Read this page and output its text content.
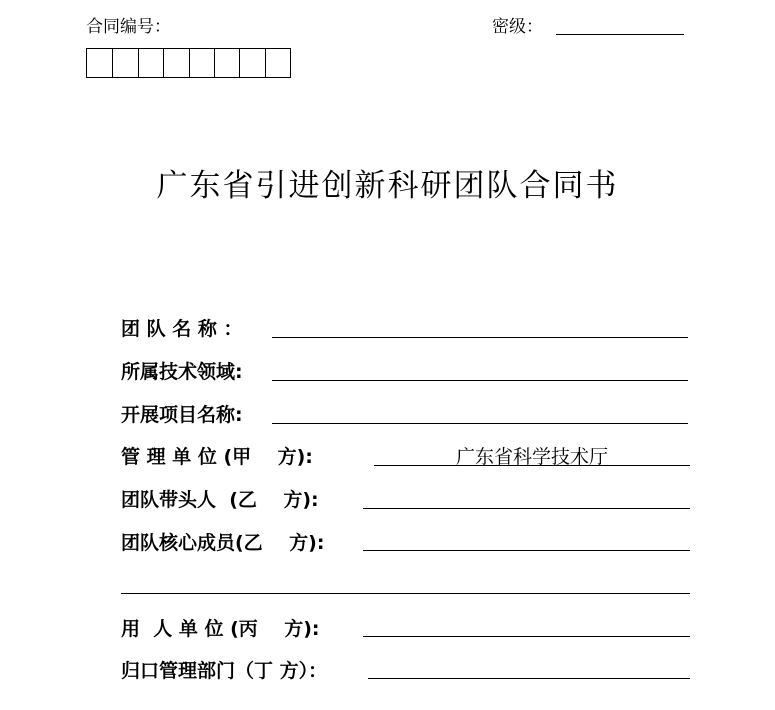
合同编号：	密级：
广东省引进创新科研团队合同书
团 队 名 称 ：
所属技术领域:
开展项目名称:
管 理 单 位 (甲    方):	广东省科学技术厅
团队带头人  (乙    方):
团队核心成员(乙    方):
用  人 单 位 (丙    方):
归口管理部门（丁 方）：
